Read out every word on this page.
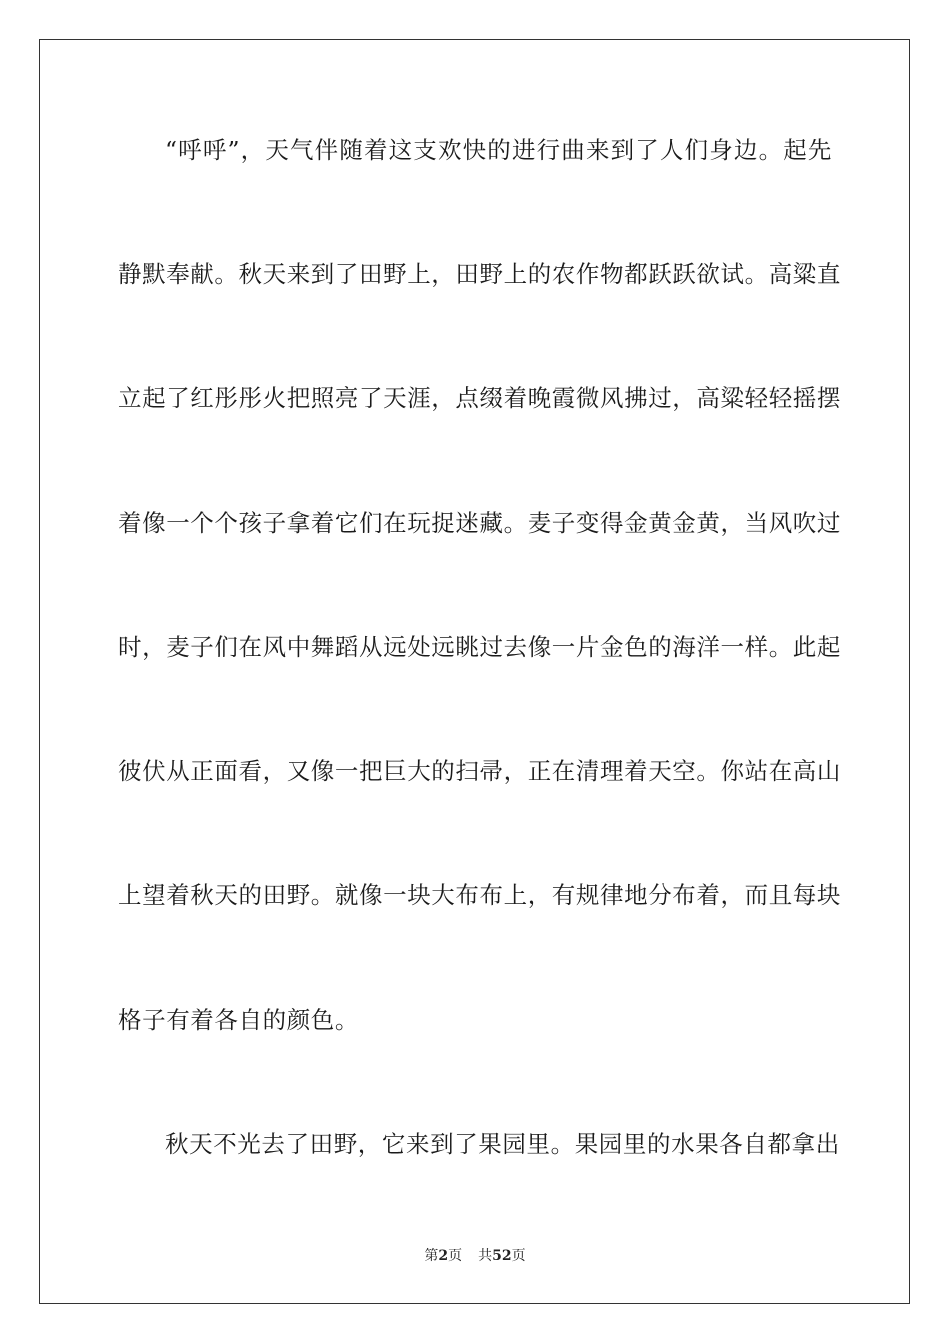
“呼呼”，天气伴随着这支欢快的进行曲来到了人们身边。起先
静默奉献。秋天来到了田野上，田野上的农作物都跃跃欲试。高粱直
立起了红彤彤火把照亮了天涯，点缀着晚霞微风拂过，高粱轻轻摇摆
着像一个个孩子拿着它们在玩捉迷藏。麦子变得金黄金黄，当风吹过
时，麦子们在风中舞蹈从远处远眺过去像一片金色的海洋一样。此起
彼伏从正面看，又像一把巨大的扫帚，正在清理着天空。你站在高山
上望着秋天的田野。就像一块大布布上，有规律地分布着，而且每块
格子有着各自的颜色。
秋天不光去了田野，它来到了果园里。果园里的水果各自都拿出
第2页 共52页
